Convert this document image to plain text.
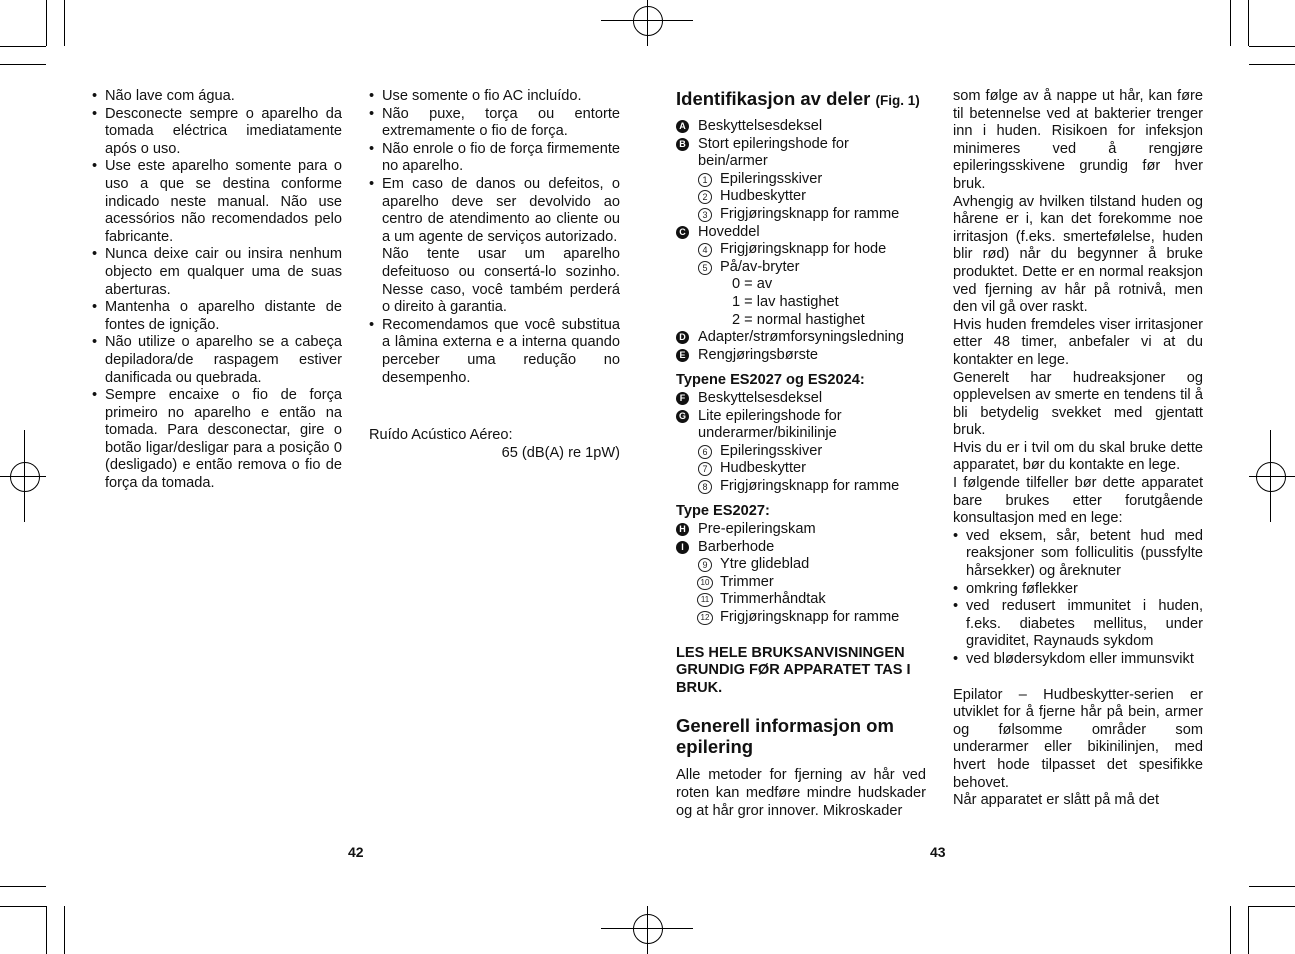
• Não lave com água.
• Desconecte sempre o aparelho da tomada eléctrica imediatamente após o uso.
• Use este aparelho somente para o uso a que se destina conforme indicado neste manual. Não use acessórios não recomendados pelo fabricante.
• Nunca deixe cair ou insira nenhum objecto em qualquer uma de suas aberturas.
• Mantenha o aparelho distante de fontes de ignição.
• Não utilize o aparelho se a cabeça depiladora/de raspagem estiver danificada ou quebrada.
• Sempre encaixe o fio de força primeiro no aparelho e então na tomada. Para desconectar, gire o botão ligar/desligar para a posição 0 (desligado) e então remova o fio de força da tomada.
• Use somente o fio AC incluído.
• Não puxe, torça ou entorte extremamente o fio de força.
• Não enrole o fio de força firmemente no aparelho.
• Em caso de danos ou defeitos, o aparelho deve ser devolvido ao centro de atendimento ao cliente ou a um agente de serviços autorizado.
Não tente usar um aparelho defeituoso ou consertá-lo sozinho. Nesse caso, você também perderá o direito à garantia.
• Recomendamos que você substitua a lâmina externa e a interna quando perceber uma redução no desempenho.

Ruído Acústico Aéreo:

65 (dB(A) re 1pW)

Identifikasjon av deler (Fig. 1)
A Beskyttelsesdeksel
B Stort epileringshode for
bein/armer
1 Epileringsskiver
2 Hudbeskytter
3 Frigjøringsknapp for ramme
C Hoveddel
4 Frigjøringsknapp for hode
5 På/av-bryter
0 = av
1 = lav hastighet
2 = normal hastighet
D Adapter/strømforsyningsledning
E Rengjøringsbørste

Typene ES2027 og ES2024:

F Beskyttelsesdeksel
G Lite epileringshode for
underarmer/bikinilinje
6 Epileringsskiver
7 Hudbeskytter
8 Frigjøringsknapp for ramme

Type ES2027:

H Pre-epileringskam
I Barberhode
9 Ytre glideblad
10 Trimmer
11 Trimmerhåndtak
12 Frigjøringsknapp for ramme

LES HELE BRUKSANVISNINGEN GRUNDIG FØR APPARATET TAS I BRUK.

Generell informasjon om epilering

Alle metoder for fjerning av hår ved roten kan medføre mindre hudskader og at hår gror innover. Mikroskader

som følge av å nappe ut hår, kan føre til betennelse ved at bakterier trenger inn i huden. Risikoen for infeksjon minimeres ved å rengjøre epileringsskivene grundig før hver bruk.

Avhengig av hvilken tilstand huden og hårene er i, kan det forekomme noe irritasjon (f.eks. smertefølelse, huden blir rød) når du begynner å bruke produktet. Dette er en normal reaksjon ved fjerning av hår på rotnivå, men den vil gå over raskt.

Hvis huden fremdeles viser irritasjoner etter 48 timer, anbefaler vi at du kontakter en lege.

Generelt har hudreaksjoner og opplevelsen av smerte en tendens til å bli betydelig svekket med gjentatt bruk.

Hvis du er i tvil om du skal bruke dette apparatet, bør du kontakte en lege.

I følgende tilfeller bør dette apparatet bare brukes etter forutgående konsultasjon med en lege:

• ved eksem, sår, betent hud med reaksjoner som folliculitis (pussfylte hårsekker) og åreknuter
• omkring føflekker
• ved redusert immunitet i huden, f.eks. diabetes mellitus, under graviditet, Raynauds sykdom
• ved blødersykdom eller immunsvikt

Epilator – Hudbeskytter-serien er utviklet for å fjerne hår på bein, armer og følsomme områder som underarmer eller bikinilinjen, med hvert hode tilpasset det spesifikke behovet.

Når apparatet er slått på må det

42	43
